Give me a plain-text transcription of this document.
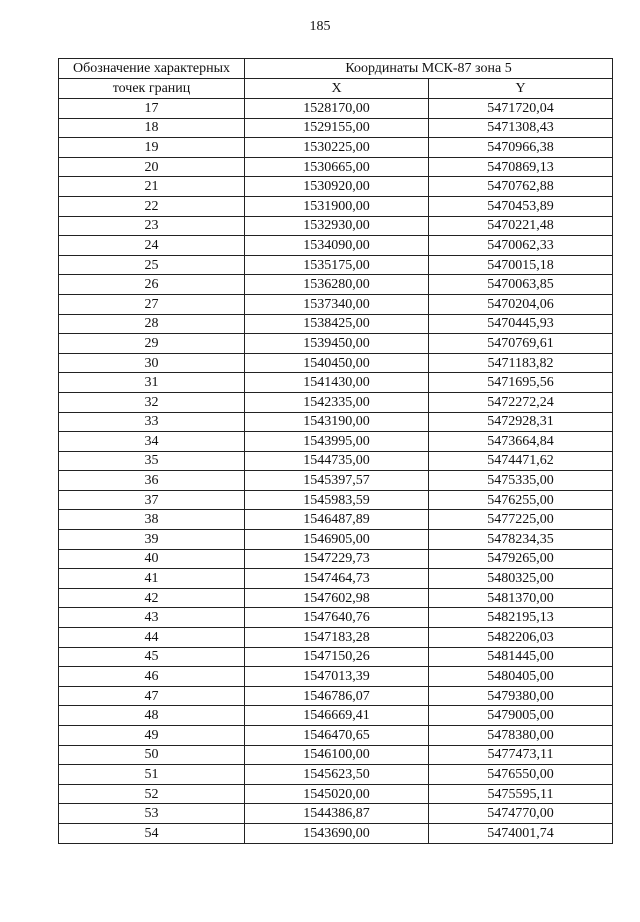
185
Обозначение характерных	Координаты МСК-87 зона 5	
точек границ	X	Y
17	1528170,00	5471720,04
18	1529155,00	5471308,43
19	1530225,00	5470966,38
20	1530665,00	5470869,13
21	1530920,00	5470762,88
22	1531900,00	5470453,89
23	1532930,00	5470221,48
24	1534090,00	5470062,33
25	1535175,00	5470015,18
26	1536280,00	5470063,85
27	1537340,00	5470204,06
28	1538425,00	5470445,93
29	1539450,00	5470769,61
30	1540450,00	5471183,82
31	1541430,00	5471695,56
32	1542335,00	5472272,24
33	1543190,00	5472928,31
34	1543995,00	5473664,84
35	1544735,00	5474471,62
36	1545397,57	5475335,00
37	1545983,59	5476255,00
38	1546487,89	5477225,00
39	1546905,00	5478234,35
40	1547229,73	5479265,00
41	1547464,73	5480325,00
42	1547602,98	5481370,00
43	1547640,76	5482195,13
44	1547183,28	5482206,03
45	1547150,26	5481445,00
46	1547013,39	5480405,00
47	1546786,07	5479380,00
48	1546669,41	5479005,00
49	1546470,65	5478380,00
50	1546100,00	5477473,11
51	1545623,50	5476550,00
52	1545020,00	5475595,11
53	1544386,87	5474770,00
54	1543690,00	5474001,74
